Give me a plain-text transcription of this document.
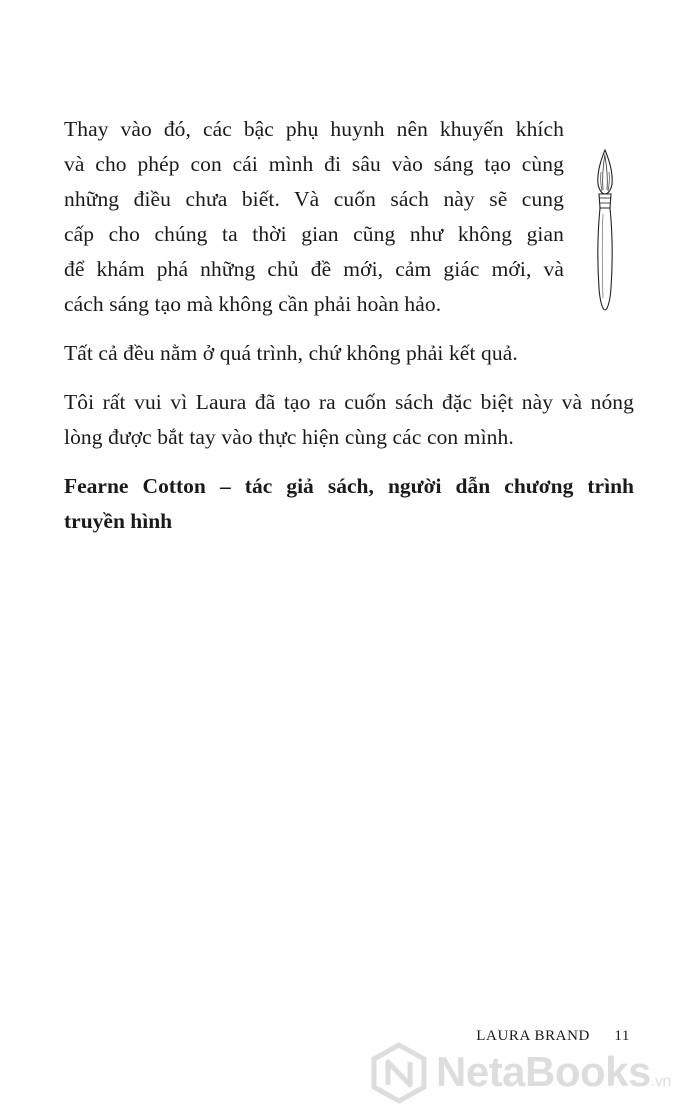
Thay vào đó, các bậc phụ huynh nên khuyến khích
và cho phép con cái mình đi sâu vào sáng tạo cùng
những điều chưa biết. Và cuốn sách này sẽ cung
cấp cho chúng ta thời gian cũng như không gian
để khám phá những chủ đề mới, cảm giác mới, và
cách sáng tạo mà không cần phải hoàn hảo.
Tất cả đều nằm ở quá trình, chứ không phải kết quả.
Tôi rất vui vì Laura đã tạo ra cuốn sách đặc biệt này và nóng
lòng được bắt tay vào thực hiện cùng các con mình.
Fearne Cotton – tác giả sách, người dẫn chương trình
truyền hình
LAURA BRAND 11
NetaBooks.vn
